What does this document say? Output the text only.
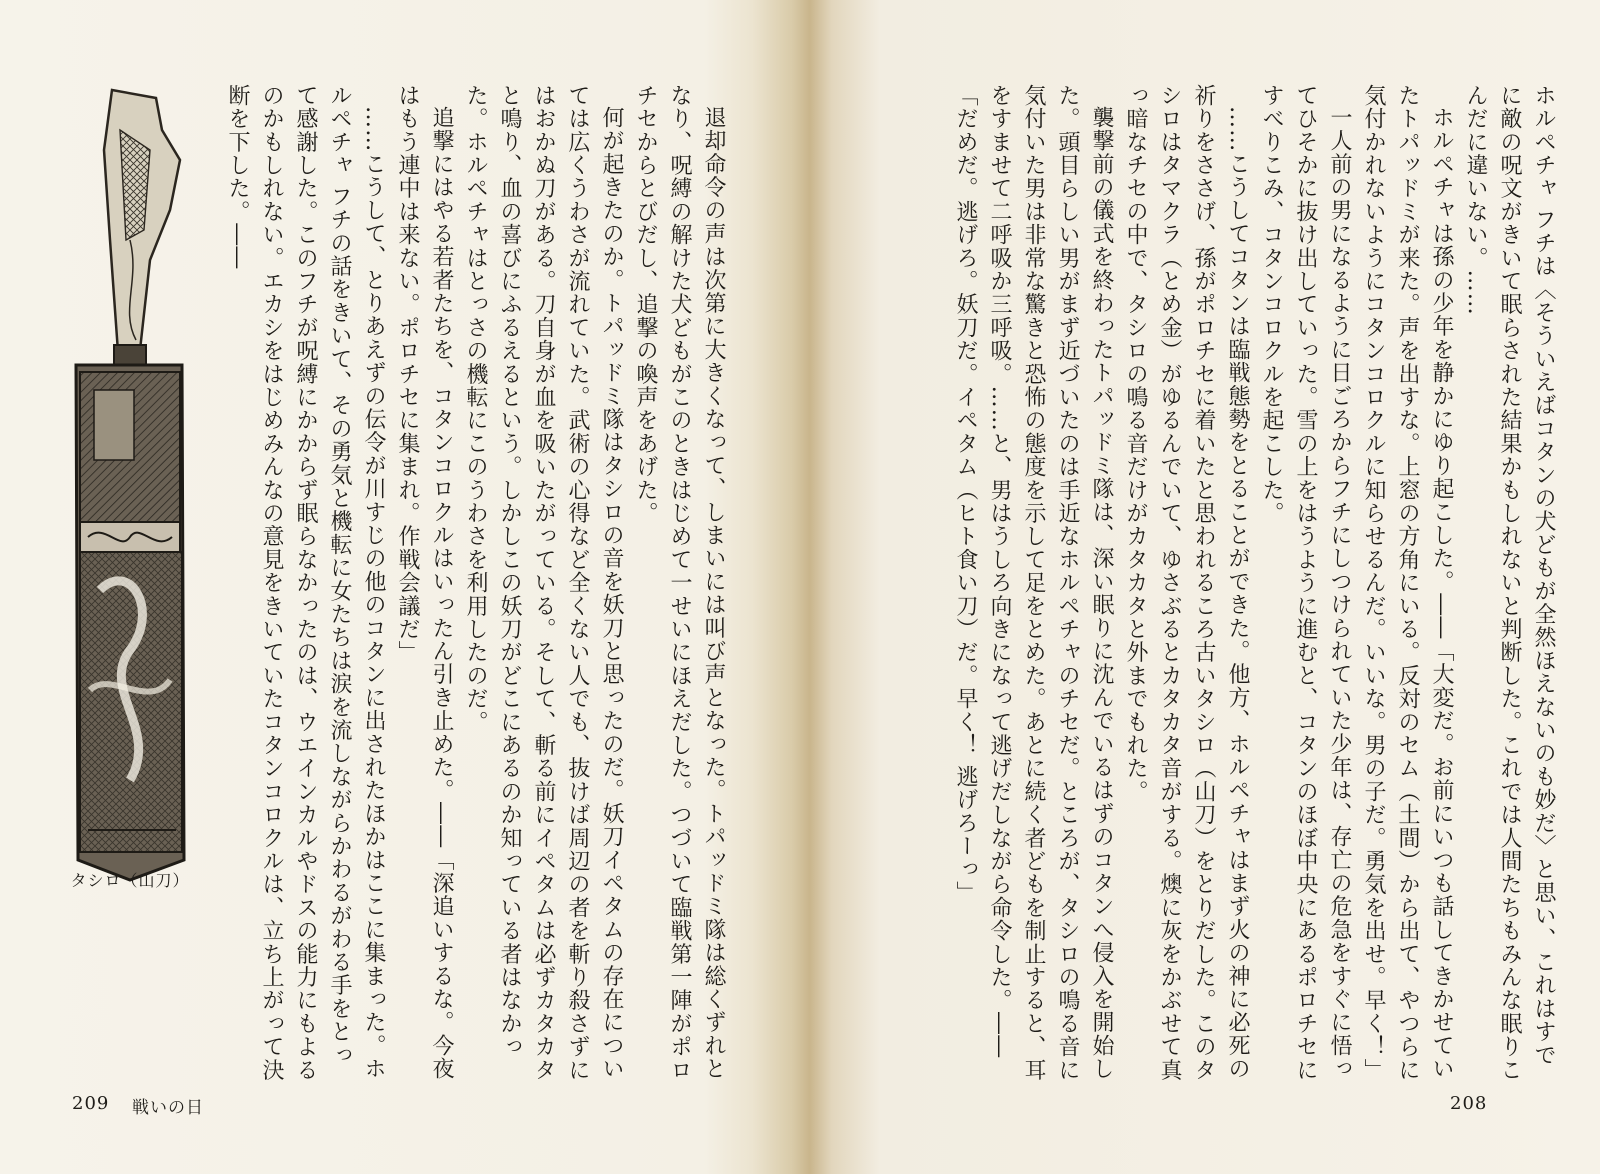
タシロ（山刀）	退却命令の声は次第に大きくなって、しまいには叫び声となった。トパッドミ隊は総くずれとなり、呪縛の解けた犬どもがこのときはじめて一せいにほえだした。つづいて臨戦第一陣がポロチセからとびだし、追撃の喚声をあげた。

何が起きたのか。トパッドミ隊はタシロの音を妖刀と思ったのだ。妖刀イペタムの存在については広くうわさが流れていた。武術の心得など全くない人でも、抜けば周辺の者を斬り殺さずにはおかぬ刀がある。刀自身が血を吸いたがっている。そして、斬る前にイペタムは必ずカタカタと鳴り、血の喜びにふるえるという。しかしこの妖刀がどこにあるのか知っている者はなかった。ホルペチャはとっさの機転にこのうわさを利用したのだ。

追撃にはやる若者たちを、コタンコロクルはいったん引き止めた。――「深追いするな。今夜はもう連中は来ない。ポロチセに集まれ。作戦会議だ」

……こうして、とりあえずの伝令が川すじの他のコタンに出されたほかはここに集まった。ホルペチャ フチの話をきいて、その勇気と機転に女たちは涙を流しながらかわるがわる手をとって感謝した。このフチが呪縛にかからず眠らなかったのは、ウエインカルやドスの能力にもよるのかもしれない。エカシをはじめみんなの意見をきいていたコタンコロクルは、立ち上がって決断を下した。――

209 戦いの日

ホルペチャ フチは〈そういえばコタンの犬どもが全然ほえないのも妙だ〉と思い、これはすでに敵の呪文がきいて眠らされた結果かもしれないと判断した。これでは人間たちもみんな眠りこんだに違いない。……

ホルペチャは孫の少年を静かにゆり起こした。――「大変だ。お前にいつも話してきかせていたトパッドミが来た。声を出すな。上窓の方角にいる。反対のセム（土間）から出て、やつらに気付かれないようにコタンコロクルに知らせるんだ。いいな。男の子だ。勇気を出せ。早く！」

一人前の男になるように日ごろからフチにしつけられていた少年は、存亡の危急をすぐに悟ってひそかに抜け出していった。雪の上をはうように進むと、コタンのほぼ中央にあるポロチセにすべりこみ、コタンコロクルを起こした。

……こうしてコタンは臨戦態勢をとることができた。他方、ホルペチャはまず火の神に必死の祈りをささげ、孫がポロチセに着いたと思われるころ古いタシロ（山刀）をとりだした。このタシロはタマクラ（とめ金）がゆるんでいて、ゆさぶるとカタカタ音がする。燠に灰をかぶせて真っ暗なチセの中で、タシロの鳴る音だけがカタカタと外までもれた。

襲撃前の儀式を終わったトパッドミ隊は、深い眠りに沈んでいるはずのコタンへ侵入を開始した。頭目らしい男がまず近づいたのは手近なホルペチャのチセだ。ところが、タシロの鳴る音に気付いた男は非常な驚きと恐怖の態度を示して足をとめた。あとに続く者どもを制止すると、耳をすませて二呼吸か三呼吸。……と、男はうしろ向きになって逃げだしながら命令した。――「だめだ。逃げろ。妖刀だ。イペタム（ヒト食い刀）だ。早く！ 逃げろーっ」

208
